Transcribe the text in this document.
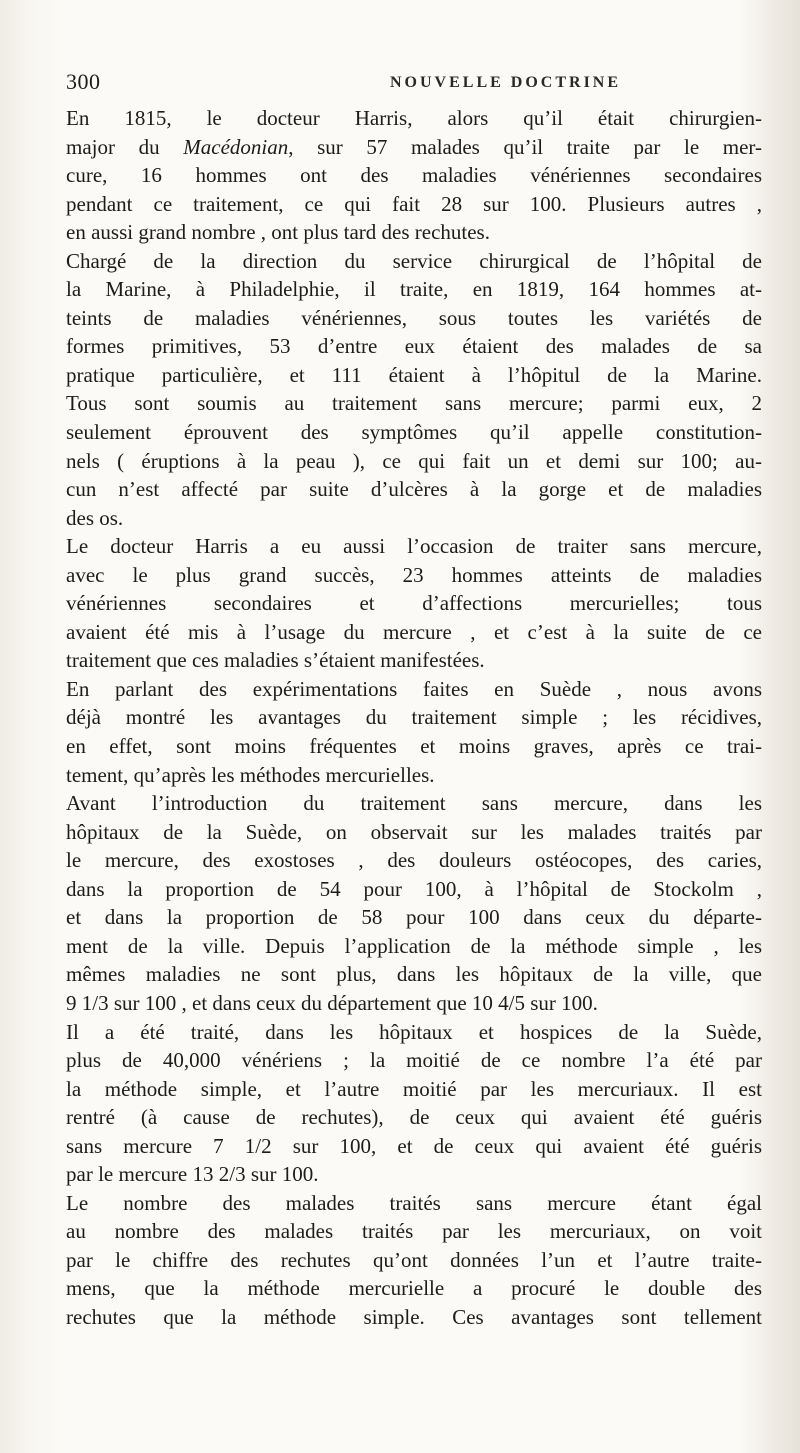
300	NOUVELLE DOCTRINE
En 1815, le docteur Harris, alors qu’il était chirurgien-
major du Macédonian, sur 57 malades qu’il traite par le mer-
cure, 16 hommes ont des maladies vénériennes secondaires
pendant ce traitement, ce qui fait 28 sur 100. Plusieurs autres ,
en aussi grand nombre , ont plus tard des rechutes.
Chargé de la direction du service chirurgical de l’hôpital de
la Marine, à Philadelphie, il traite, en 1819, 164 hommes at-
teints de maladies vénériennes, sous toutes les variétés de
formes primitives, 53 d’entre eux étaient des malades de sa
pratique particulière, et 111 étaient à l’hôpitul de la Marine.
Tous sont soumis au traitement sans mercure; parmi eux, 2
seulement éprouvent des symptômes qu’il appelle constitution-
nels ( éruptions à la peau ), ce qui fait un et demi sur 100; au-
cun n’est affecté par suite d’ulcères à la gorge et de maladies
des os.
Le docteur Harris a eu aussi l’occasion de traiter sans mercure,
avec le plus grand succès, 23 hommes atteints de maladies
vénériennes secondaires et d’affections mercurielles; tous
avaient été mis à l’usage du mercure , et c’est à la suite de ce
traitement que ces maladies s’étaient manifestées.
En parlant des expérimentations faites en Suède , nous avons
déjà montré les avantages du traitement simple ; les récidives,
en effet, sont moins fréquentes et moins graves, après ce trai-
tement, qu’après les méthodes mercurielles.
Avant l’introduction du traitement sans mercure, dans les
hôpitaux de la Suède, on observait sur les malades traités par
le mercure, des exostoses , des douleurs ostéocopes, des caries,
dans la proportion de 54 pour 100, à l’hôpital de Stockolm ,
et dans la proportion de 58 pour 100 dans ceux du départe-
ment de la ville. Depuis l’application de la méthode simple , les
mêmes maladies ne sont plus, dans les hôpitaux de la ville, que
9 1/3 sur 100 , et dans ceux du département que 10 4/5 sur 100.
Il a été traité, dans les hôpitaux et hospices de la Suède,
plus de 40,000 vénériens ; la moitié de ce nombre l’a été par
la méthode simple, et l’autre moitié par les mercuriaux. Il est
rentré (à cause de rechutes), de ceux qui avaient été guéris
sans mercure 7 1/2 sur 100, et de ceux qui avaient été guéris
par le mercure 13 2/3 sur 100.
Le nombre des malades traités sans mercure étant égal
au nombre des malades traités par les mercuriaux, on voit
par le chiffre des rechutes qu’ont données l’un et l’autre traite-
mens, que la méthode mercurielle a procuré le double des
rechutes que la méthode simple. Ces avantages sont tellement
